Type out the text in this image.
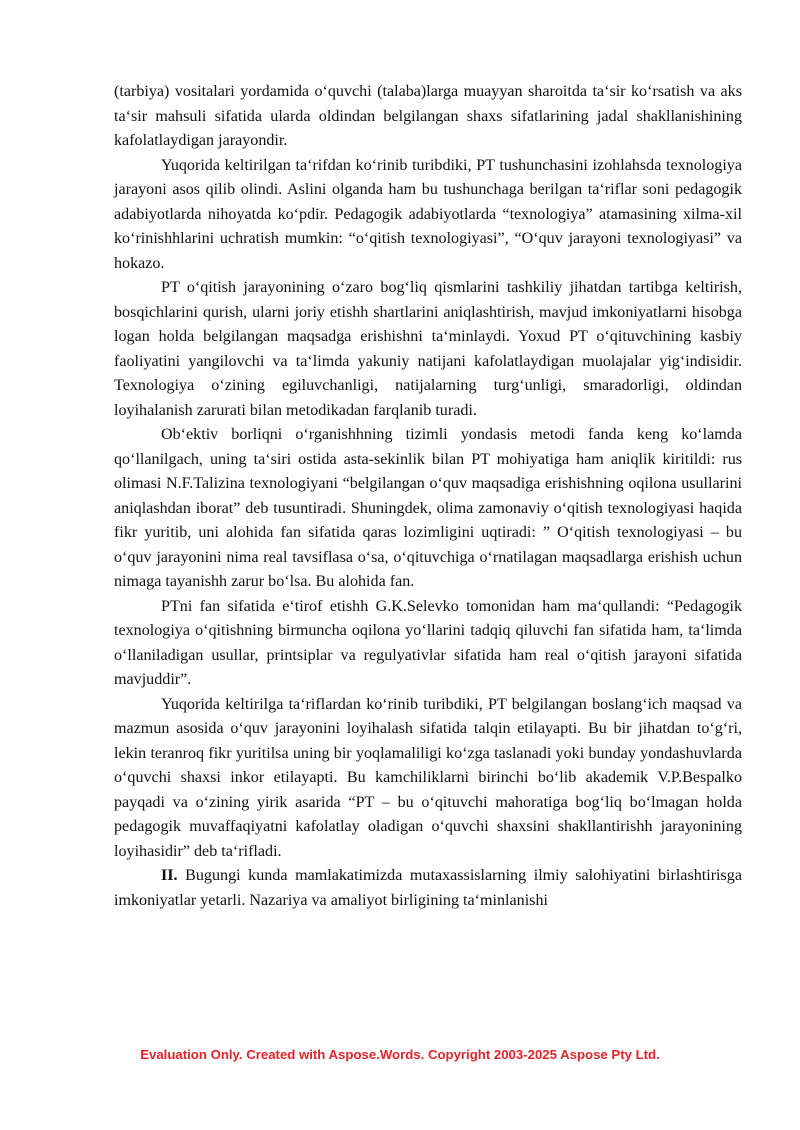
(tarbiya) vositalari yordamida o‘quvchi (talaba)larga muayyan sharoitda ta‘sir ko‘rsatish va aks ta‘sir mahsuli sifatida ularda oldindan belgilangan shaxs sifatlarining jadal shakllanishining kafolatlaydigan jarayondir.

Yuqorida keltirilgan ta‘rifdan ko‘rinib turibdiki, PT tushunchasini izohlahsda texnologiya jarayoni asos qilib olindi. Aslini olganda ham bu tushunchaga berilgan ta‘riflar soni pedagogik adabiyotlarda nihoyatda ko‘pdir. Pedagogik adabiyotlarda “texnologiya” atamasining xilma-xil ko‘rinishhlarini uchratish mumkin: “o‘qitish texnologiyasi”, “O‘quv jarayoni texnologiyasi” va hokazo.

PT o‘qitish jarayonining o‘zaro bog‘liq qismlarini tashkiliy jihatdan tartibga keltirish, bosqichlarini qurish, ularni joriy etishh shartlarini aniqlashtirish, mavjud imkoniyatlarni hisobga logan holda belgilangan maqsadga erishishni ta‘minlaydi. Yoxud PT o‘qituvchining kasbiy faoliyatini yangilovchi va ta‘limda yakuniy natijani kafolatlaydigan muolajalar yig‘indisidir. Texnologiya o‘zining egiluvchanligi, natijalarning turg‘unligi, smaradorligi, oldindan loyihalanish zarurati bilan metodikadan farqlanib turadi.

Ob‘ektiv borliqni o‘rganishhning tizimli yondasis metodi fanda keng ko‘lamda qo‘llanilgach, uning ta‘siri ostida asta-sekinlik bilan PT mohiyatiga ham aniqlik kiritildi: rus olimasi N.F.Talizina texnologiyani “belgilangan o‘quv maqsadiga erishishning oqilona usullarini aniqlashdan iborat” deb tusuntiradi. Shuningdek, olima zamonaviy o‘qitish texnologiyasi haqida fikr yuritib, uni alohida fan sifatida qaras lozimligini uqtiradi: ” O‘qitish texnologiyasi – bu o‘quv jarayonini nima real tavsiflasa o‘sa, o‘qituvchiga o‘rnatilagan maqsadlarga erishish uchun nimaga tayanishh zarur bo‘lsa. Bu alohida fan.

PTni fan sifatida e‘tirof etishh G.K.Selevko tomonidan ham ma‘qullandi: “Pedagogik texnologiya o‘qitishning birmuncha oqilona yo‘llarini tadqiq qiluvchi fan sifatida ham, ta‘limda o‘llaniladigan usullar, printsiplar va regulyativlar sifatida ham real o‘qitish jarayoni sifatida mavjuddir”.

Yuqorida keltirilga ta‘riflardan ko‘rinib turibdiki, PT belgilangan boslang‘ich maqsad va mazmun asosida o‘quv jarayonini loyihalash sifatida talqin etilayapti. Bu bir jihatdan to‘g‘ri, lekin teranroq fikr yuritilsa uning bir yoqlamaliligi ko‘zga taslanadi yoki bunday yondashuvlarda o‘quvchi shaxsi inkor etilayapti. Bu kamchiliklarni birinchi bo‘lib akademik V.P.Bespalko payqadi va o‘zining yirik asarida “PT – bu o‘qituvchi mahoratiga bog‘liq bo‘lmagan holda pedagogik muvaffaqiyatni kafolatlay oladigan o‘quvchi shaxsini shakllantirishh jarayonining loyihasidir” deb ta‘rifladi.

II. Bugungi kunda mamlakatimizda mutaxassislarning ilmiy salohiyatini birlashtirisga imkoniyatlar yetarli. Nazariya va amaliyot birligining ta‘minlanishi

Evaluation Only. Created with Aspose.Words. Copyright 2003-2025 Aspose Pty Ltd.
